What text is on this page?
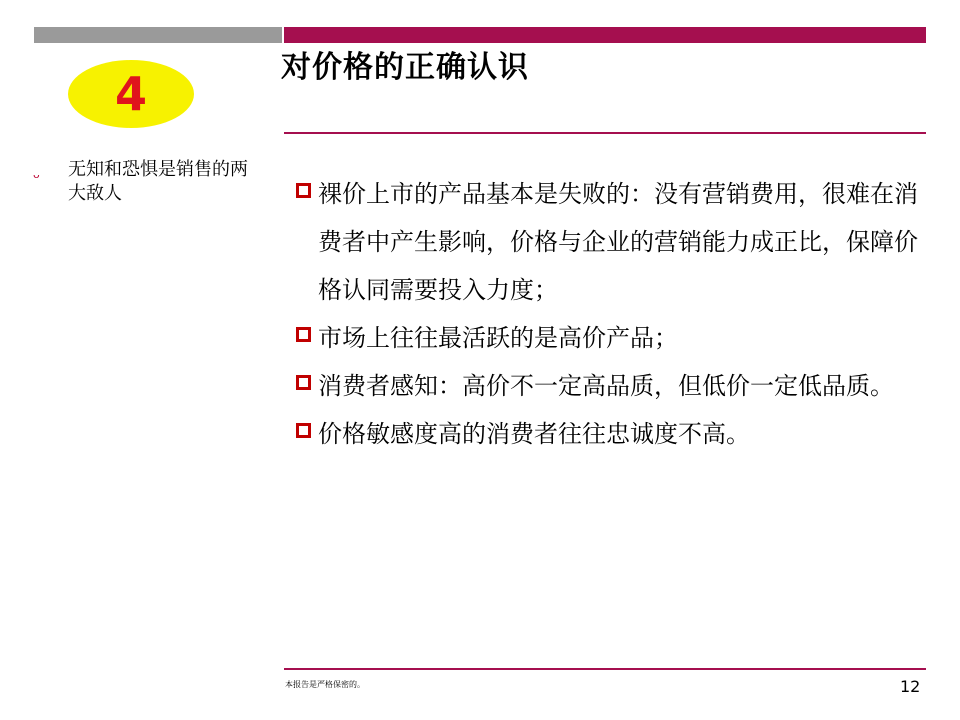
4	对价格的正确认识
ᴗ 无知和恐惧是销售的两大敌人	裸价上市的产品基本是失败的：没有营销费用，很难在消费者中产生影响，价格与企业的营销能力成正比，保障价格认同需要投入力度；
市场上往往最活跃的是高价产品；
消费者感知：高价不一定高品质，但低价一定低品质。
价格敏感度高的消费者往往忠诚度不高。
本报告是严格保密的。	12
